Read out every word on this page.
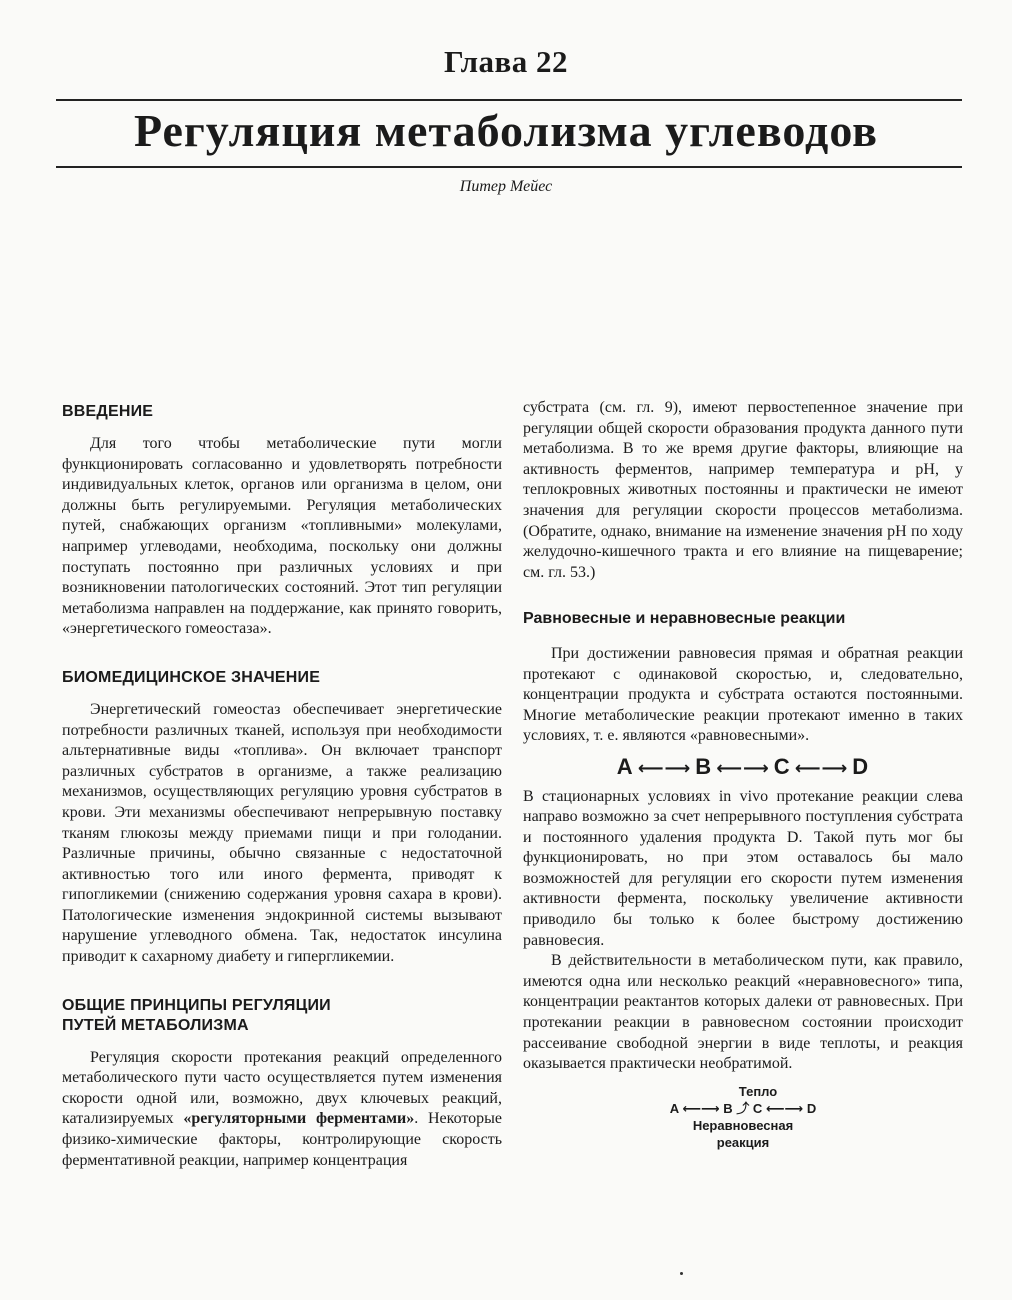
Глава 22
Регуляция метаболизма углеводов
Питер Мейес
ВВЕДЕНИЕ

Для того чтобы метаболические пути могли функционировать согласованно и удовлетворять потребности индивидуальных клеток, органов или организма в целом, они должны быть регулируемыми. Регуляция метаболических путей, снабжающих организм «топливными» молекулами, например углеводами, необходима, поскольку они должны поступать постоянно при различных условиях и при возникновении патологических состояний. Этот тип регуляции метаболизма направлен на поддержание, как принято говорить, «энергетического гомеостаза».

БИОМЕДИЦИНСКОЕ ЗНАЧЕНИЕ

Энергетический гомеостаз обеспечивает энергетические потребности различных тканей, используя при необходимости альтернативные виды «топлива». Он включает транспорт различных субстратов в организме, а также реализацию механизмов, осуществляющих регуляцию уровня субстратов в крови. Эти механизмы обеспечивают непрерывную поставку тканям глюкозы между приемами пищи и при голодании. Различные причины, обычно связанные с недостаточной активностью того или иного фермента, приводят к гипогликемии (снижению содержания уровня сахара в крови). Патологические изменения эндокринной системы вызывают нарушение углеводного обмена. Так, недостаток инсулина приводит к сахарному диабету и гипергликемии.

ОБЩИЕ ПРИНЦИПЫ РЕГУЛЯЦИИ
ПУТЕЙ МЕТАБОЛИЗМА

Регуляция скорости протекания реакций определенного метаболического пути часто осуществляется путем изменения скорости одной или, возможно, двух ключевых реакций, катализируемых «регуляторными ферментами». Некоторые физико-химические факторы, контролирующие скорость ферментативной реакции, например концентрация

субстрата (см. гл. 9), имеют первостепенное значение при регуляции общей скорости образования продукта данного пути метаболизма. В то же время другие факторы, влияющие на активность ферментов, например температура и pH, у теплокровных животных постоянны и практически не имеют значения для регуляции скорости процессов метаболизма. (Обратите, однако, внимание на изменение значения pH по ходу желудочно-кишечного тракта и его влияние на пищеварение; см. гл. 53.)

Равновесные и неравновесные реакции

При достижении равновесия прямая и обратная реакции протекают с одинаковой скоростью, и, следовательно, концентрации продукта и субстрата остаются постоянными. Многие метаболические реакции протекают именно в таких условиях, т. е. являются «равновесными».

A ⟵⟶ B ⟵⟶ C ⟵⟶ D

В стационарных условиях in vivo протекание реакции слева направо возможно за счет непрерывного поступления субстрата и постоянного удаления продукта D. Такой путь мог бы функционировать, но при этом оставалось бы мало возможностей для регуляции его скорости путем изменения активности фермента, поскольку увеличение активности приводило бы только к более быстрому достижению равновесия.

В действительности в метаболическом пути, как правило, имеются одна или несколько реакций «неравновесного» типа, концентрации реактантов которых далеки от равновесных. При протекании реакции в равновесном состоянии происходит рассеивание свободной энергии в виде теплоты, и реакция оказывается практически необратимой.

Тепло
A ⟵⟶ B ⤴ C ⟵⟶ D
Неравновесная
реакция
